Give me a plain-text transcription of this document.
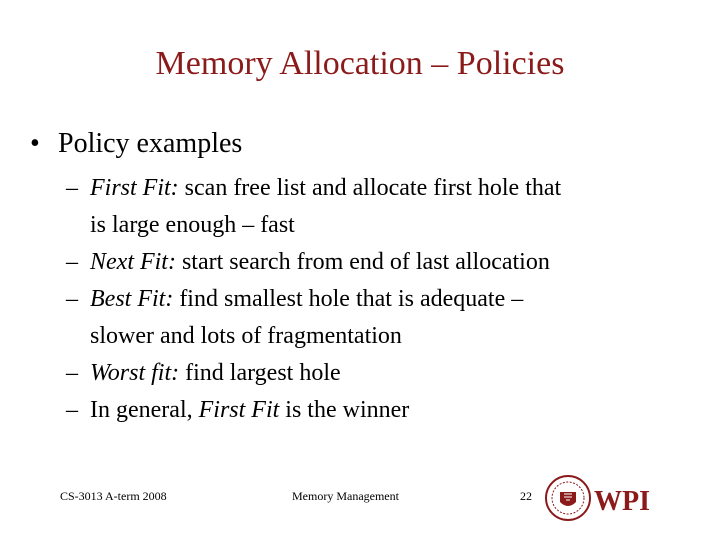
Memory Allocation – Policies
• Policy examples
– First Fit: scan free list and allocate first hole that
is large enough – fast
– Next Fit: start search from end of last allocation
– Best Fit: find smallest hole that is adequate –
slower and lots of fragmentation
– Worst fit: find largest hole
– In general, First Fit is the winner
CS-3013 A-term 2008	Memory Management	22 WPI
